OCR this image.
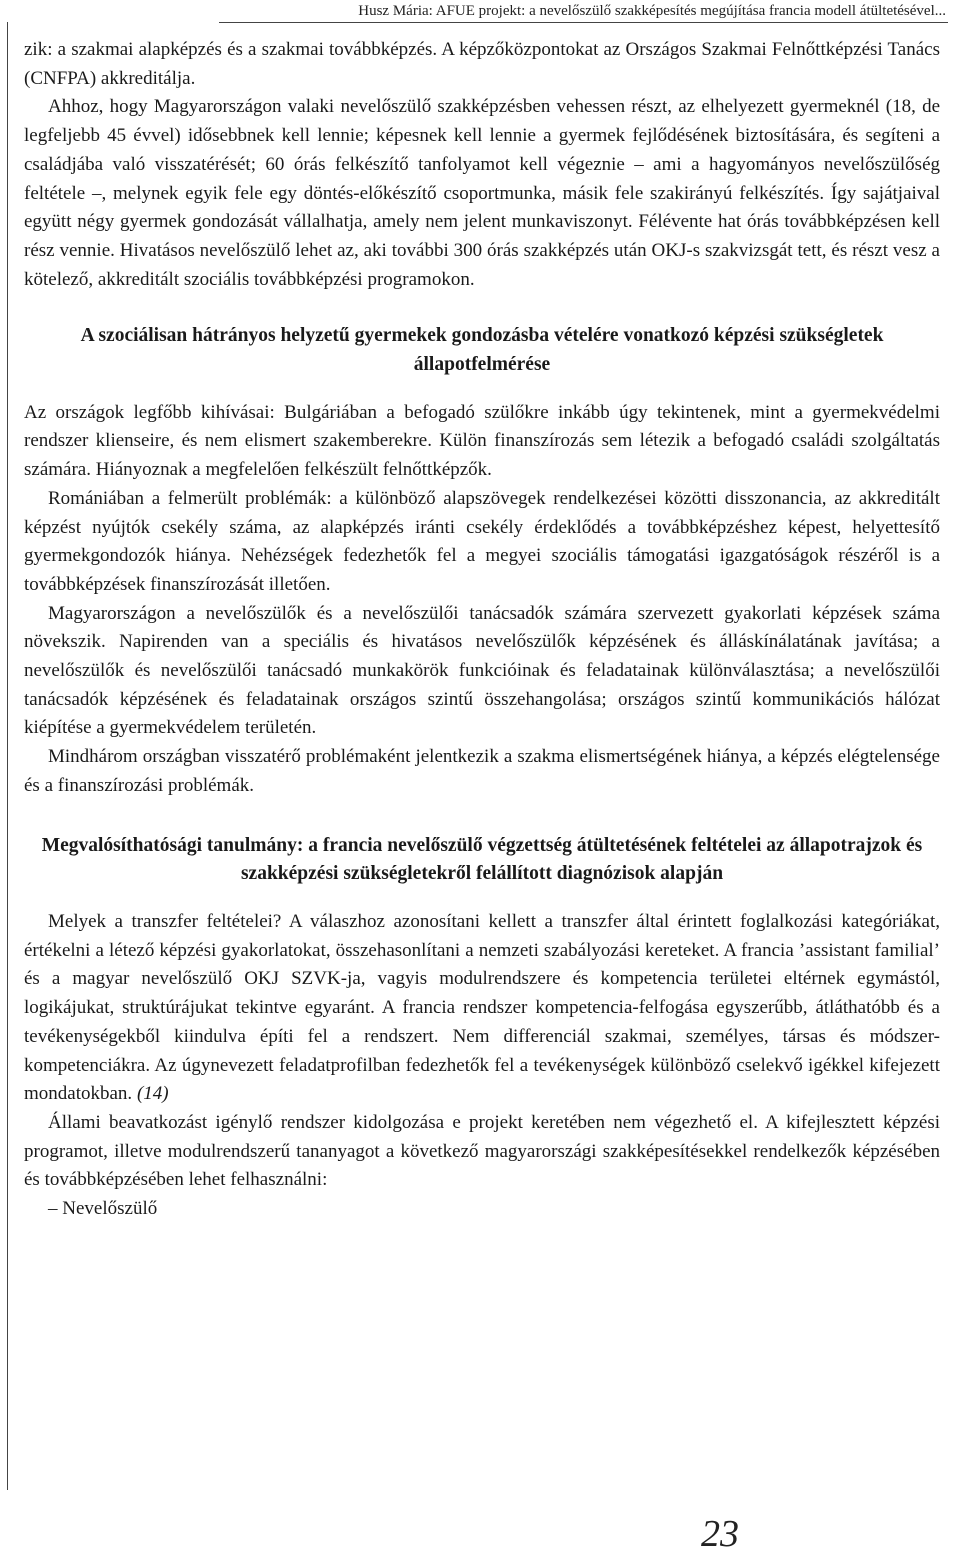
Husz Mária: AFUE projekt: a nevelőszülő szakképesítés megújítása francia modell átültetésével...

zik: a szakmai alapképzés és a szakmai továbbképzés. A képzőközpontokat az Országos Szakmai Felnőttképzési Tanács (CNFPA) akkreditálja.

Ahhoz, hogy Magyarországon valaki nevelőszülő szakképzésben vehessen részt, az elhelyezett gyermeknél (18, de legfeljebb 45 évvel) idősebbnek kell lennie; képesnek kell lennie a gyermek fejlődésének biztosítására, és segíteni a családjába való visszatérését; 60 órás felkészítő tanfolyamot kell végeznie – ami a hagyományos nevelőszülőség feltétele –, melynek egyik fele egy döntés-előkészítő csoportmunka, másik fele szakirányú felkészítés. Így sajátjaival együtt négy gyermek gondozását vállalhatja, amely nem jelent munkaviszonyt. Félévente hat órás továbbképzésen kell rész vennie. Hivatásos nevelőszülő lehet az, aki további 300 órás szakképzés után OKJ-s szakvizsgát tett, és részt vesz a kötelező, akkreditált szociális továbbképzési programokon.

A szociálisan hátrányos helyzetű gyermekek gondozásba vételére vonatkozó képzési szükségletek állapotfelmérése

Az országok legfőbb kihívásai: Bulgáriában a befogadó szülőkre inkább úgy tekintenek, mint a gyermekvédelmi rendszer klienseire, és nem elismert szakemberekre. Külön finanszírozás sem létezik a befogadó családi szolgáltatás számára. Hiányoznak a megfelelően felkészült felnőttképzők.

Romániában a felmerült problémák: a különböző alapszövegek rendelkezései közötti disszonancia, az akkreditált képzést nyújtók csekély száma, az alapképzés iránti csekély érdeklődés a továbbképzéshez képest, helyettesítő gyermekgondozók hiánya. Nehézségek fedezhetők fel a megyei szociális támogatási igazgatóságok részéről is a továbbképzések finanszírozását illetően.

Magyarországon a nevelőszülők és a nevelőszülői tanácsadók számára szervezett gyakorlati képzések száma növekszik. Napirenden van a speciális és hivatásos nevelőszülők képzésének és álláskínálatának javítása; a nevelőszülők és nevelőszülői tanácsadó munkakörök funkcióinak és feladatainak különválasztása; a nevelőszülői tanácsadók képzésének és feladatainak országos szintű összehangolása; országos szintű kommunikációs hálózat kiépítése a gyermekvédelem területén.

Mindhárom országban visszatérő problémaként jelentkezik a szakma elismertségének hiánya, a képzés elégtelensége és a finanszírozási problémák.

Megvalósíthatósági tanulmány: a francia nevelőszülő végzettség átültetésének feltételei az állapotrajzok és szakképzési szükségletekről felállított diagnózisok alapján

Melyek a transzfer feltételei? A válaszhoz azonosítani kellett a transzfer által érintett foglalkozási kategóriákat, értékelni a létező képzési gyakorlatokat, összehasonlítani a nemzeti szabályozási kereteket. A francia ’assistant familial’ és a magyar nevelőszülő OKJ SZVK-ja, vagyis modulrendszere és kompetencia területei eltérnek egymástól, logikájukat, struktúrájukat tekintve egyaránt. A francia rendszer kompetencia-felfogása egyszerűbb, átláthatóbb és a tevékenységekből kiindulva építi fel a rendszert. Nem differenciál szakmai, személyes, társas és módszer-kompetenciákra. Az úgynevezett feladatprofilban fedezhetők fel a tevékenységek különböző cselekvő igékkel kifejezett mondatokban. (14)

Állami beavatkozást igénylő rendszer kidolgozása e projekt keretében nem végezhető el. A kifejlesztett képzési programot, illetve modulrendszerű tananyagot a következő magyarországi szakképesítésekkel rendelkezők képzésében és továbbképzésében lehet felhasználni:

– Nevelőszülő

23
